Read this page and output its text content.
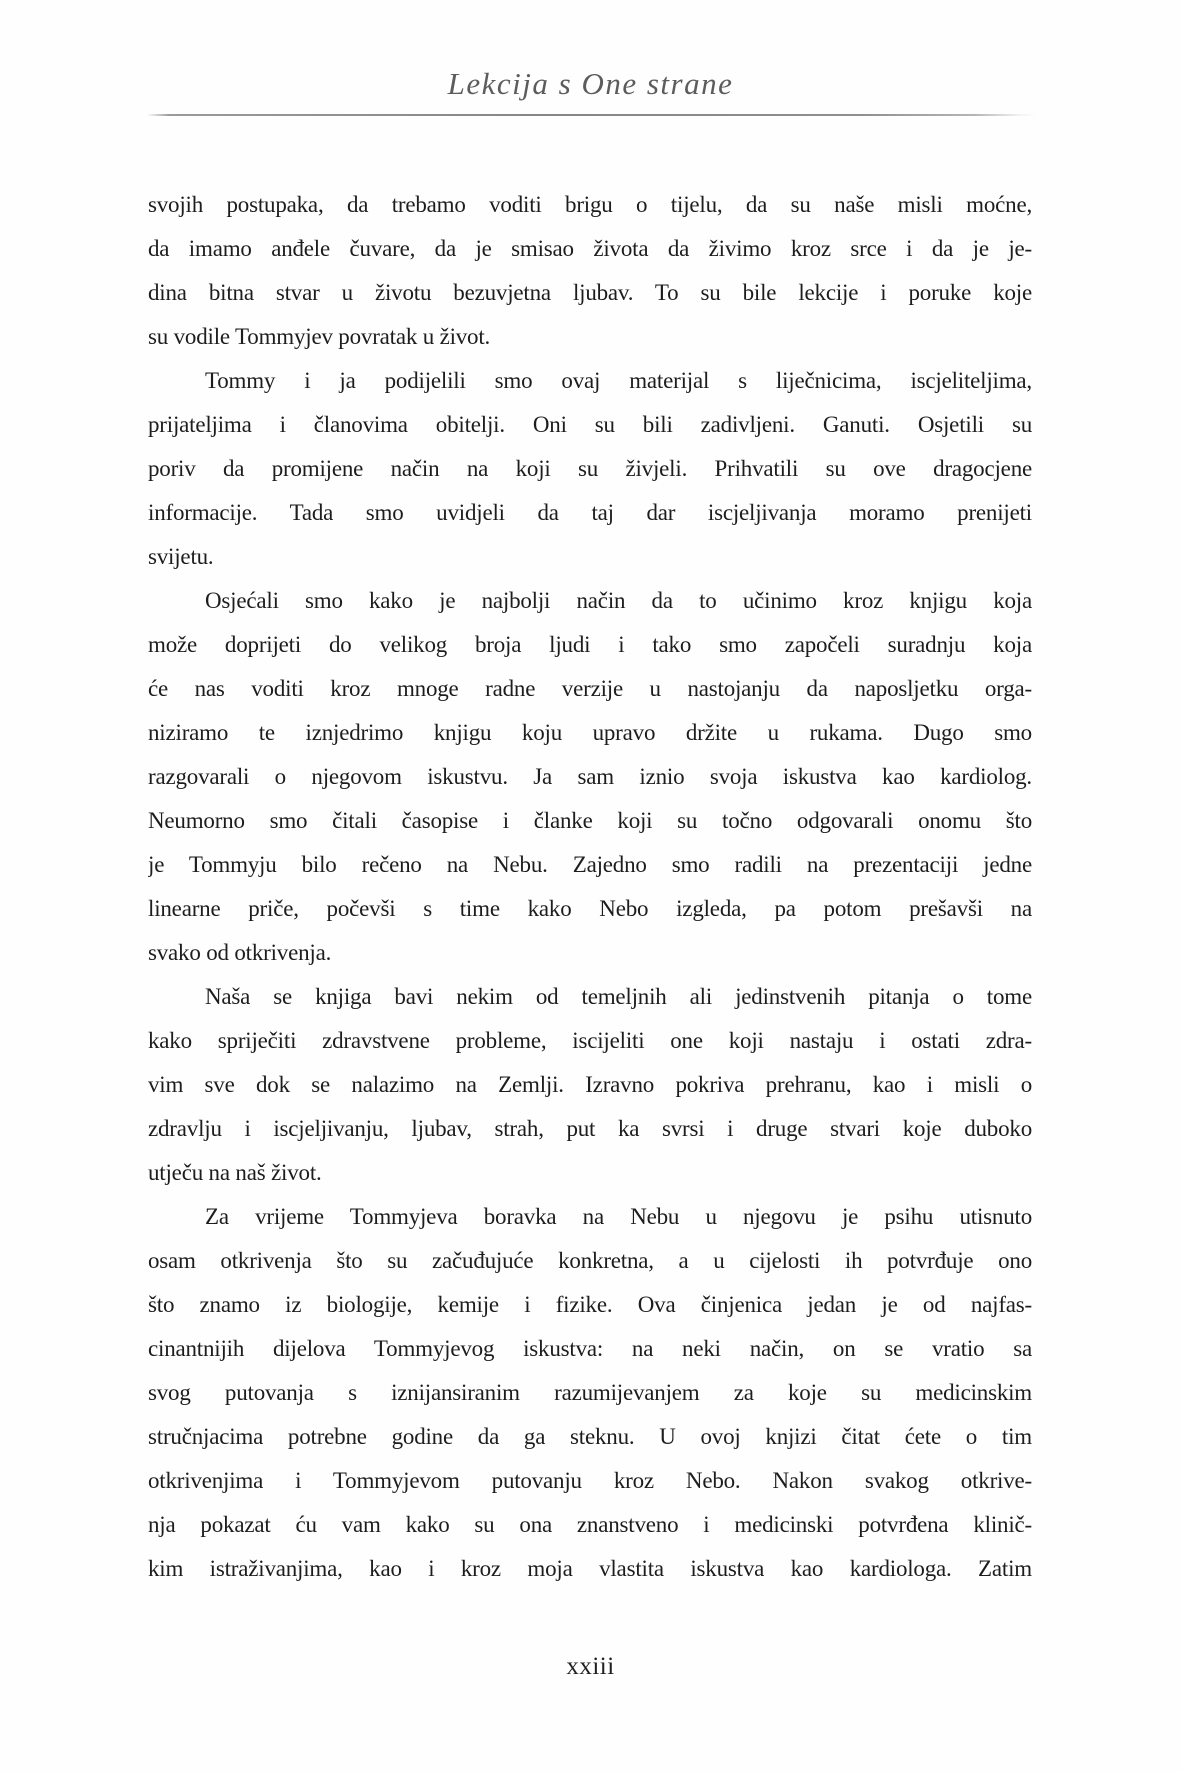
Lekcija s One strane
svojih postupaka, da trebamo voditi brigu o tijelu, da su naše misli moćne,
da imamo anđele čuvare, da je smisao života da živimo kroz srce i da je je-
dina bitna stvar u životu bezuvjetna ljubav. To su bile lekcije i poruke koje
su vodile Tommyjev povratak u život.
Tommy i ja podijelili smo ovaj materijal s liječnicima, iscjeliteljima,
prijateljima i članovima obitelji. Oni su bili zadivljeni. Ganuti. Osjetili su
poriv da promijene način na koji su živjeli. Prihvatili su ove dragocjene
informacije. Tada smo uvidjeli da taj dar iscjeljivanja moramo prenijeti
svijetu.
Osjećali smo kako je najbolji način da to učinimo kroz knjigu koja
može doprijeti do velikog broja ljudi i tako smo započeli suradnju koja
će nas voditi kroz mnoge radne verzije u nastojanju da naposljetku orga-
niziramo te iznjedrimo knjigu koju upravo držite u rukama. Dugo smo
razgovarali o njegovom iskustvu. Ja sam iznio svoja iskustva kao kardiolog.
Neumorno smo čitali časopise i članke koji su točno odgovarali onomu što
je Tommyju bilo rečeno na Nebu. Zajedno smo radili na prezentaciji jedne
linearne priče, počevši s time kako Nebo izgleda, pa potom prešavši na
svako od otkrivenja.
Naša se knjiga bavi nekim od temeljnih ali jedinstvenih pitanja o tome
kako spriječiti zdravstvene probleme, iscijeliti one koji nastaju i ostati zdra-
vim sve dok se nalazimo na Zemlji. Izravno pokriva prehranu, kao i misli o
zdravlju i iscjeljivanju, ljubav, strah, put ka svrsi i druge stvari koje duboko
utječu na naš život.
Za vrijeme Tommyjeva boravka na Nebu u njegovu je psihu utisnuto
osam otkrivenja što su začuđujuće konkretna, a u cijelosti ih potvrđuje ono
što znamo iz biologije, kemije i fizike. Ova činjenica jedan je od najfas-
cinantnijih dijelova Tommyjevog iskustva: na neki način, on se vratio sa
svog putovanja s iznijansiranim razumijevanjem za koje su medicinskim
stručnjacima potrebne godine da ga steknu. U ovoj knjizi čitat ćete o tim
otkrivenjima i Tommyjevom putovanju kroz Nebo. Nakon svakog otkrive-
nja pokazat ću vam kako su ona znanstveno i medicinski potvrđena klinič-
kim istraživanjima, kao i kroz moja vlastita iskustva kao kardiologa. Zatim
xxiii
